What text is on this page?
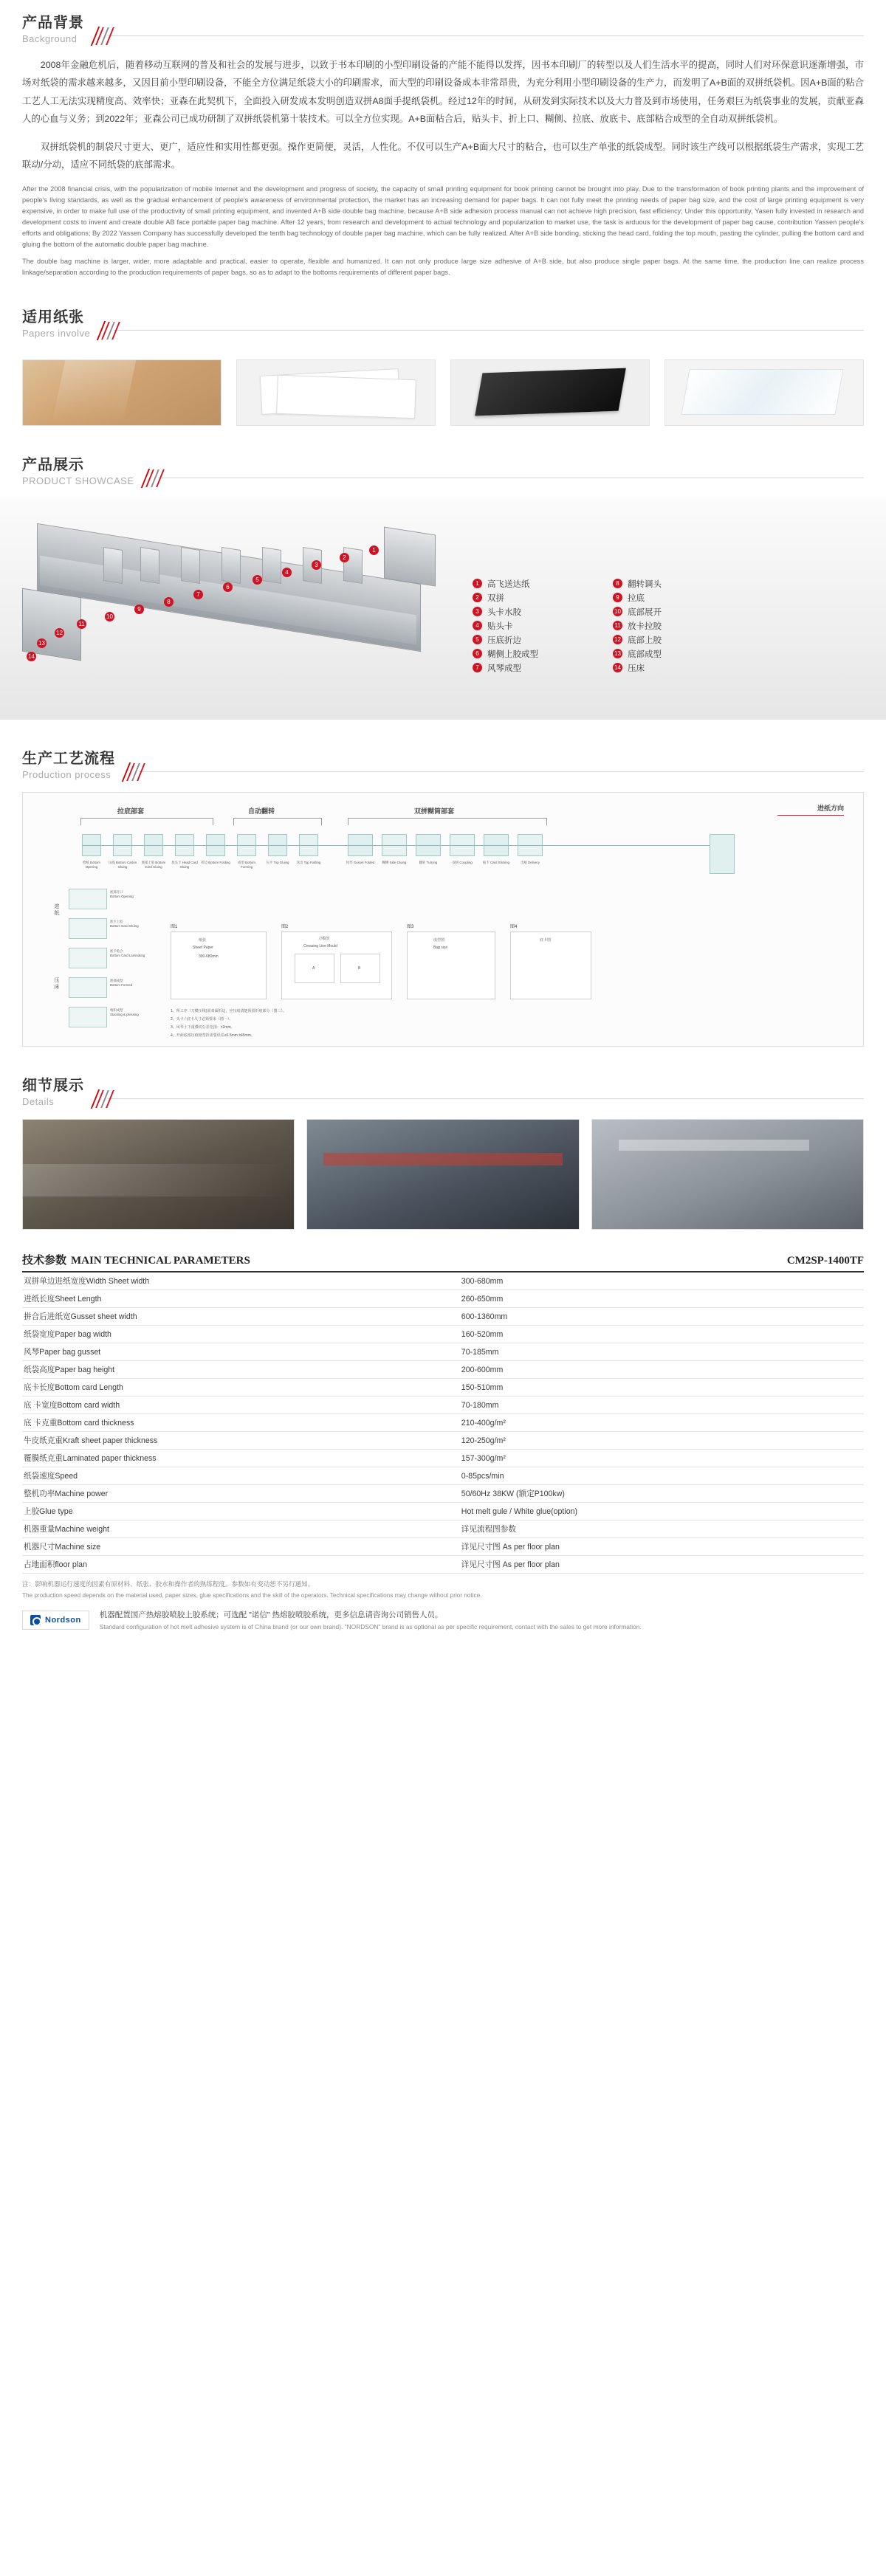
产品背景
Background

2008年金融危机后，随着移动互联网的普及和社会的发展与进步，以致于书本印刷的小型印刷设备的产能不能得以发挥，因书本印刷厂的转型以及人们生活水平的提高，同时人们对环保意识逐渐增强，市场对纸袋的需求越来越多，又因目前小型印刷设备，不能全方位满足纸袋大小的印刷需求，而大型的印刷设备成本非常昂贵，为充分利用小型印刷设备的生产力，而发明了A+B面的双拼纸袋机。因A+B面的粘合工艺人工无法实现精度高、效率快；亚森在此契机下，全面投入研发成本发明创造双拼A8面手提纸袋机。经过12年的时间，从研发到实际技术以及大力普及到市场使用，任务艰巨为纸袋事业的发展，贡献亚森人的心血与义务；到2022年；亚森公司已成功研制了双拼纸袋机第十装技术。可以全方位实现。A+B面粘合后，贴头卡、折上口、糊侧、拉底、放底卡、底部粘合成型的全自动双拼纸袋机。

双拼纸袋机的制袋尺寸更大、更广，适应性和实用性都更强。操作更简便，灵活，人性化。不仅可以生产A+B面大尺寸的粘合，也可以生产单张的纸袋成型。同时该生产线可以根据纸袋生产需求，实现工艺联动/分动，适应不同纸袋的底部需求。

After the 2008 financial crisis, with the popularization of mobile Internet and the development and progress of society, the capacity of small printing equipment for book printing cannot be brought into play. Due to the transformation of book printing plants and the improvement of people's living standards, as well as the gradual enhancement of people's awareness of environmental protection, the market has an increasing demand for paper bags. It can not fully meet the printing needs of paper bag size, and the cost of large printing equipment is very expensive, in order to make full use of the productivity of small printing equipment, and invented A+B side double bag machine, because A+B side adhesion process manual can not achieve high precision, fast efficiency; Under this opportunity, Yasen fully invested in research and development costs to invent and create double AB face portable paper bag machine. After 12 years, from research and development to actual technology and popularization to market use, the task is arduous for the development of paper bag cause, contribution Yassen people's efforts and obligations; By 2022 Yassen Company has successfully developed the tenth bag technology of double paper bag machine, which can be fully realized. After A+B side bonding, sticking the head card, folding the top mouth, pasting the cylinder, pulling the bottom card and gluing the bottom of the automatic double paper bag machine.

The double bag machine is larger, wider, more adaptable and practical, easier to operate, flexible and humanized. It can not only produce large size adhesive of A+B side, but also produce single paper bags. At the same time, the production line can realize process linkage/separation according to the production requirements of paper bags, so as to adapt to the bottoms requirements of different paper bags.

适用纸张
Papers involve
产品展示
PRODUCT SHOWCASE
1
2
3
4
5
6
7
8
9
10
11
12
13
14
1 高飞送达纸	8 翻转调头
2 双拼	9 拉底
3 头卡水胶	10 底部展开
4 贴头卡	11 放卡拉胶
5 压底折边	12 底部上胶
6 糊侧上胶成型	13 底部成型
7 风琴成型	14 压床
生产工艺流程
Production process
进纸方向
拉底部套	自动翻转	双拼糊筒部套
给纸 Bottom Opening
压线 Bottom Carton Gluing
底部上胶 Bottom Card Gluing
放头卡 Head Card Gluing
折边 Bottom Folding	成型 Bottom Forming
压平 Top Gluing	送出 Top Folding	风琴 Gusset Folded	糊侧 Side Gluing	翻转 Turning	双拼 Coupling	贴卡 Card Sticking	出纸 Delivery
压床
进纸
底部开口
Bottom Opening
底卡上胶
Bottom Card Gluing
底卡贴合
Bottom Card Laminating
底部成型
Bottom Formed
堆积成型
Stacking & pressing
图1
纸张
Sheet Paper
300-680mm
图2
刀模图
Creasing Line Mould
A	B
图3
成型图
Bag size
图4
底卡图
1、所工序（刀模压线)需双面折边，应压痕清楚预留折痕部分（图三）。
2、头卡 / 底卡尺寸必须要求（图一）。
3、风琴上下重叠切公差范围：±2mm。
4、开面底部压痕纸弯折需要误差≤0.5mm ±45mm。
细节展示
Details
技术参数 MAIN TECHNICAL PARAMETERS	CM2SP-1400TF
双拼单边进纸宽度Width Sheet width	300-680mm
进纸长度Sheet Length	260-650mm
拼合后进纸宽Gusset sheet width	600-1360mm
纸袋宽度Paper bag width	160-520mm
风琴Paper bag gusset	70-185mm
纸袋高度Paper bag height	200-600mm
底卡长度Bottom card Length	150-510mm
底 卡宽度Bottom card width	70-180mm
底 卡克重Bottom card thickness	210-400g/m²
牛皮纸克重Kraft sheet paper thickness	120-250g/m²
覆膜纸克重Laminated paper thickness	157-300g/m²
纸袋速度Speed	0-85pcs/min
整机功率Machine power	50/60Hz 38KW (额定P100kw)
上胶Glue type	Hot melt gule / White glue(option)
机器重量Machine weight	详见流程图参数
机器尺寸Machine size	详见尺寸图 As per floor plan
占地面积floor plan	详见尺寸图 As per floor plan
注：影响机器运行速度的因素有原材料、纸张、胶水和操作者的熟练程度。参数如有变动恕不另行通知。
The production speed depends on the material used, paper sizes, glue specifications and the skill of the operators. Technical specifications may change without prior notice.
Nordson
机器配置国产热熔胶喷胶上胶系统；可选配 "诺信" 热熔胶喷胶系统，更多信息请咨询公司销售人员。
Standard configuration of hot melt adhesive system is of China brand (or our own brand). "NORDSON" brand is as optional as per specific requirement, contact with the sales to get more information.
